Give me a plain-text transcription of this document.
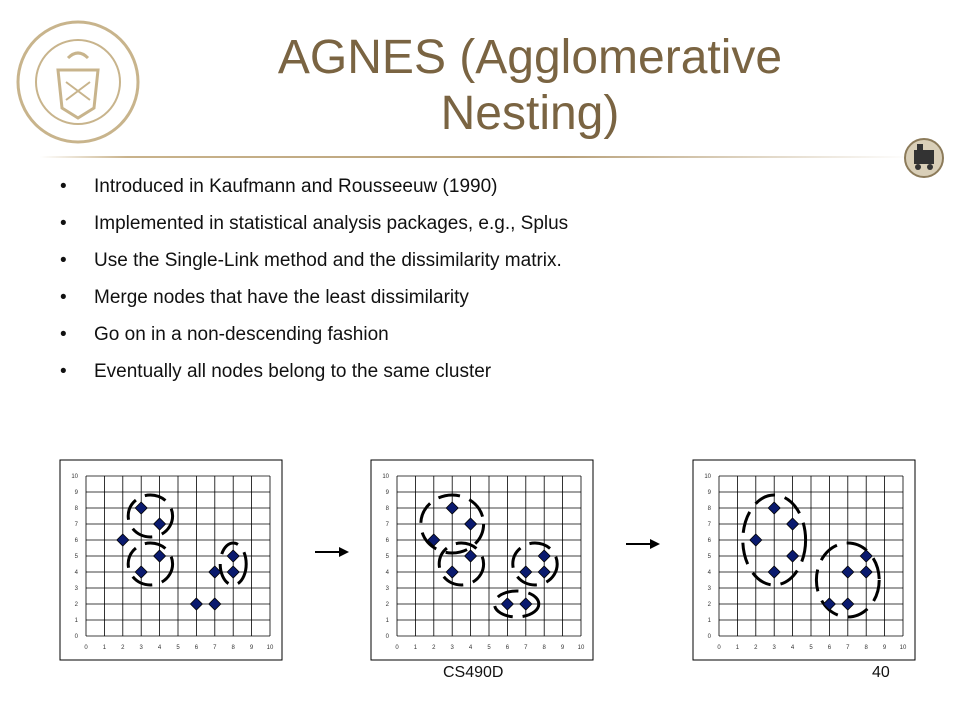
AGNES (Agglomerative
Nesting)
• Introduced in Kaufmann and Rousseeuw (1990)
• Implemented in statistical analysis packages, e.g., Splus
• Use the Single-Link method and the dissimilarity matrix.
• Merge nodes that have the least dissimilarity
• Go on in a non-descending fashion
• Eventually all nodes belong to the same cluster
0	1	2	3	4	5	6	7	8	9 10
0
1
2
3
4
5
6
7
8
9
10
0	1	2	3	4	5	6	7	8	9 10
0
1
2
3
4
5
6
7
8
9
10
0	1	2	3	4	5	6	7	8	9 10
0
1
2
3
4
5
6
7
8
9
10
CS490D	40
